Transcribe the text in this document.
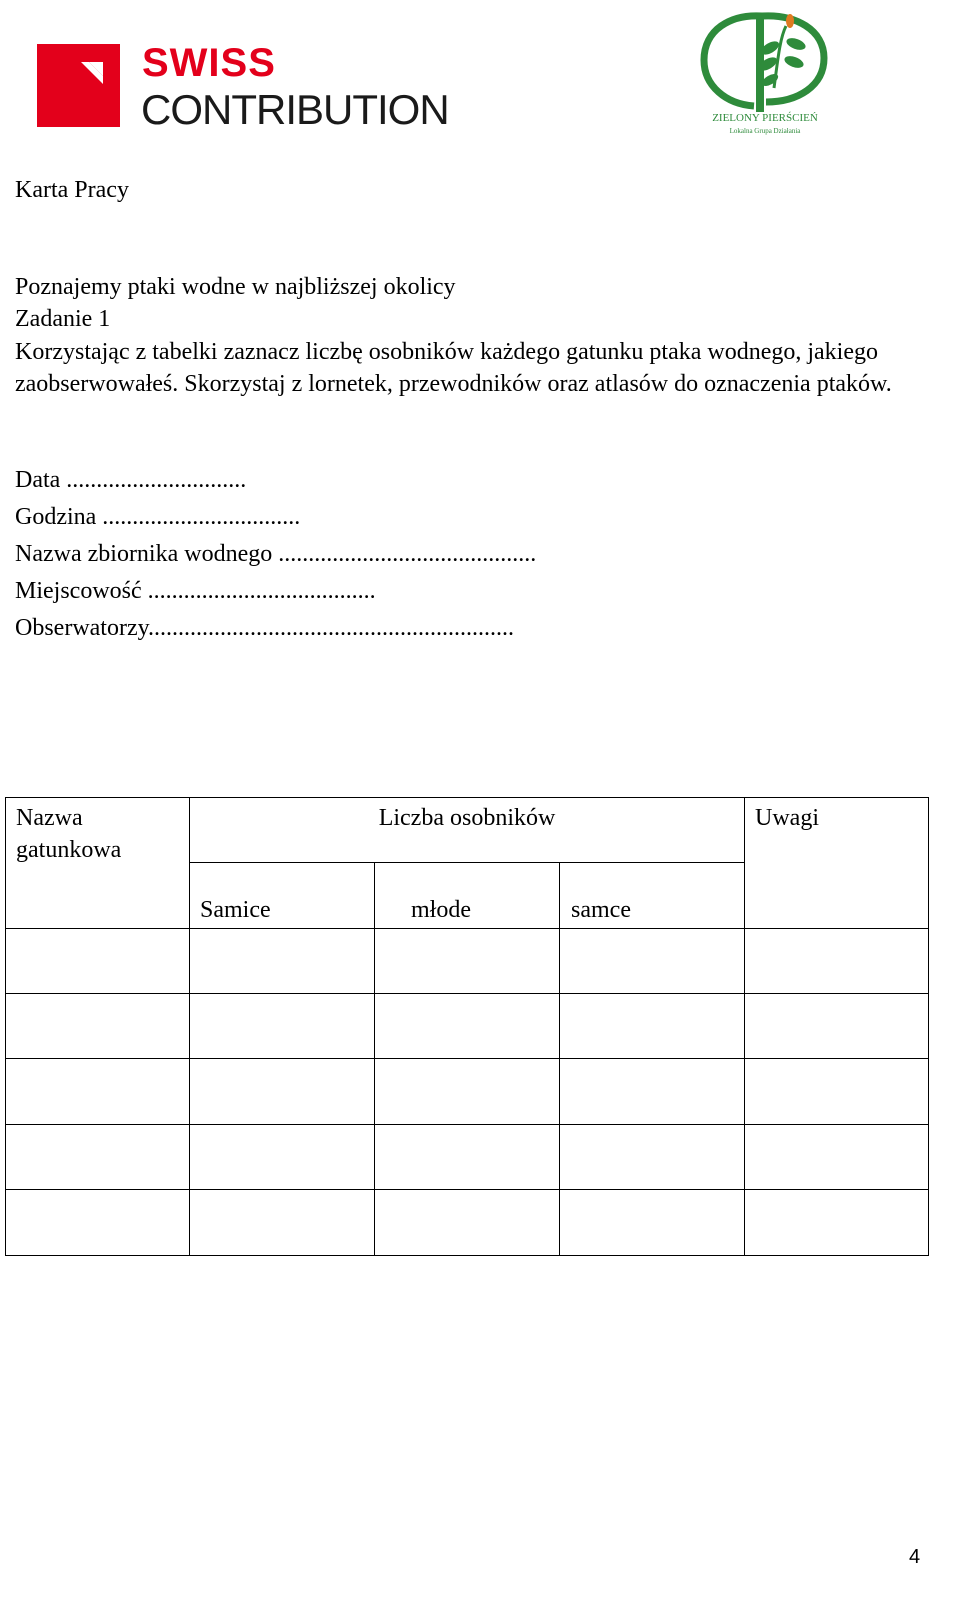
SWISS
CONTRIBUTION	ZIELONY PIERŚCIEŃ
Lokalna Grupa Działania
Karta Pracy
Poznajemy ptaki wodne w najbliższej okolicy
Zadanie 1
Korzystając z tabelki zaznacz liczbę osobników każdego gatunku ptaka wodnego, jakiego zaobserwowałeś. Skorzystaj z lornetek, przewodników oraz atlasów do oznaczenia ptaków.
Data ..............................
Godzina .................................
Nazwa zbiornika wodnego ...........................................
Miejscowość ......................................
Obserwatorzy.............................................................
Nazwa gatunkowa	Liczba osobników			Uwagi

	Samice	młode	samce	

4
